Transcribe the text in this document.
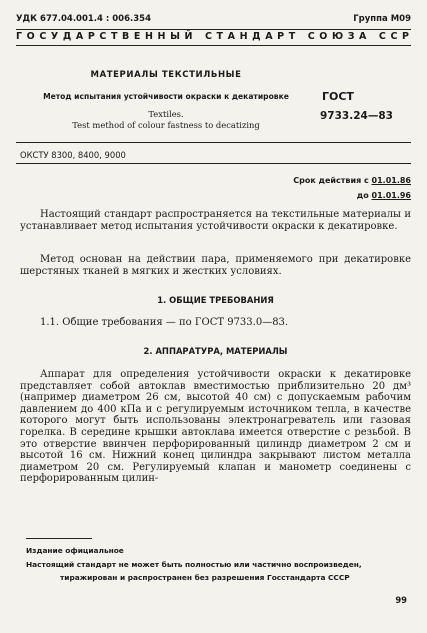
УДК 677.04.001.4 : 006.354	Группа М09
ГОСУДАРСТВЕННЫЙ СТАНДАРТ СОЮЗА ССР
МАТЕРИАЛЫ ТЕКСТИЛЬНЫЕ
Метод испытания устойчивости окраски к декатировке
Textiles.
Test method of colour fastness to decatizing
ГОСТ
9733.24—83
ОКСТУ 8300, 8400, 9000
Срок действия с 01.01.86
до 01.01.96

Настоящий стандарт распространяется на текстильные материалы и устанавливает метод испытания устойчивости окраски к декатировке.

Метод основан на действии пара, применяемого при декатировке шерстяных тканей в мягких и жестких условиях.

1. ОБЩИЕ ТРЕБОВАНИЯ

1.1. Общие требования — по ГОСТ 9733.0—83.

2. АППАРАТУРА, МАТЕРИАЛЫ

Аппарат для определения устойчивости окраски к декатировке представляет собой автоклав вместимостью приблизительно 20 дм³ (например диаметром 26 см, высотой 40 см) с допускаемым рабочим давлением до 400 кПа и с регулируемым источником тепла, в качестве которого могут быть использованы электронагреватель или газовая горелка. В середине крышки автоклава имеется отверстие с резьбой. В это отверстие ввинчен перфорированный цилиндр диаметром 2 см и высотой 16 см. Нижний конец цилиндра закрывают листом металла диаметром 20 см. Регулируемый клапан и манометр соединены с перфорированным цилин-

Издание официальное
Настоящий стандарт не может быть полностью или частично воспроизведен,
тиражирован и распространен без разрешения Госстандарта СССР
99
